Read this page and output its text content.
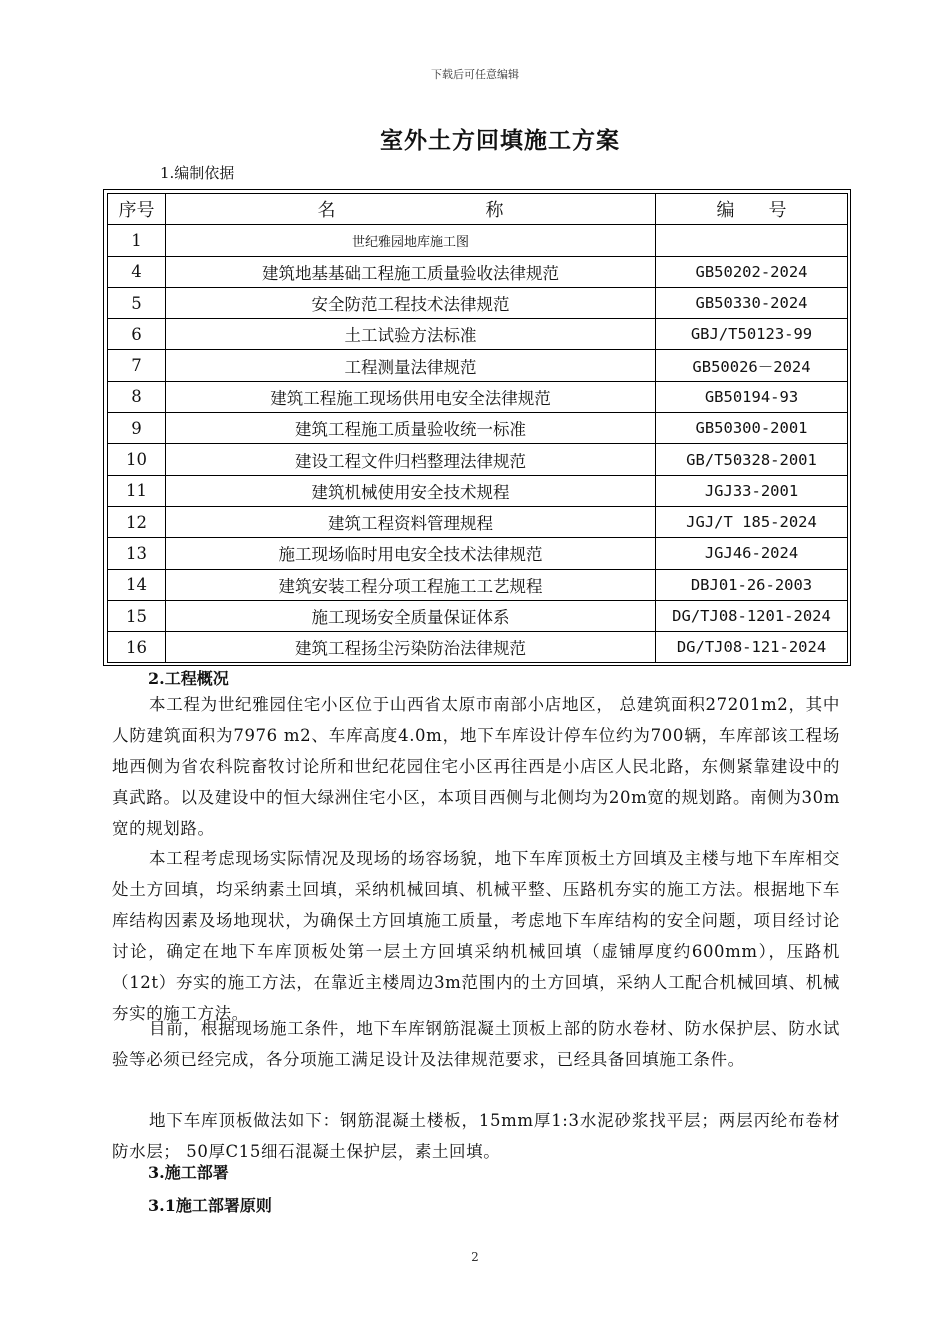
下载后可任意编辑
室外土方回填施工方案
1.编制依据
序号	名 称	编 号
1	世纪雅园地库施工图	
4	建筑地基基础工程施工质量验收法律规范	GB50202-2024
5	安全防范工程技术法律规范	GB50330-2024
6	土工试验方法标准	GBJ/T50123-99
7	工程测量法律规范	GB50026－2024
8	建筑工程施工现场供用电安全法律规范	GB50194-93
9	建筑工程施工质量验收统一标准	GB50300-2001
10	建设工程文件归档整理法律规范	GB/T50328-2001
11	建筑机械使用安全技术规程	JGJ33-2001
12	建筑工程资料管理规程	JGJ/T 185-2024
13	施工现场临时用电安全技术法律规范	JGJ46-2024
14	建筑安装工程分项工程施工工艺规程	DBJ01-26-2003
15	施工现场安全质量保证体系	DG/TJ08-1201-2024
16	建筑工程扬尘污染防治法律规范	DG/TJ08-121-2024
2.工程概况
本工程为世纪雅园住宅小区位于山西省太原市南部小店地区， 总建筑面积27201m2，其中人防建筑面积为7976 m2、车库高度4.0m，地下车库设计停车位约为700辆，车库部该工程场地西侧为省农科院畜牧讨论所和世纪花园住宅小区再往西是小店区人民北路，东侧紧靠建设中的真武路。以及建设中的恒大绿洲住宅小区，本项目西侧与北侧均为20m宽的规划路。南侧为30m宽的规划路。
本工程考虑现场实际情况及现场的场容场貌，地下车库顶板土方回填及主楼与地下车库相交处土方回填，均采纳素土回填，采纳机械回填、机械平整、压路机夯实的施工方法。根据地下车库结构因素及场地现状，为确保土方回填施工质量，考虑地下车库结构的安全问题，项目经讨论讨论，确定在地下车库顶板处第一层土方回填采纳机械回填（虚铺厚度约600mm），压路机（12t）夯实的施工方法，在靠近主楼周边3m范围内的土方回填，采纳人工配合机械回填、机械夯实的施工方法。
目前，根据现场施工条件，地下车库钢筋混凝土顶板上部的防水卷材、防水保护层、防水试验等必须已经完成，各分项施工满足设计及法律规范要求，已经具备回填施工条件。
地下车库顶板做法如下：钢筋混凝土楼板，15mm厚1:3水泥砂浆找平层；两层丙纶布卷材防水层； 50厚C15细石混凝土保护层，素土回填。
3.施工部署
3.1施工部署原则
2
